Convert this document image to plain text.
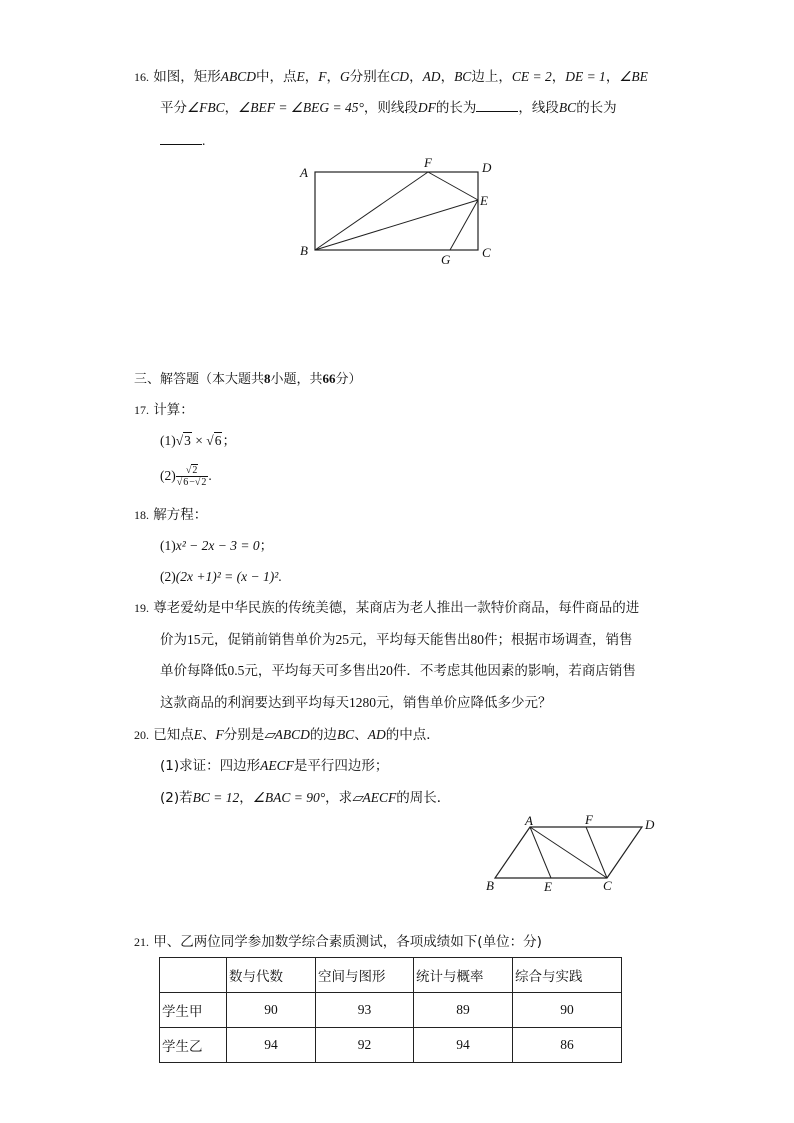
16. 如图，矩形ABCD中，点E，F，G分别在CD，AD，BC边上，CE = 2，DE = 1，∠BE
平分∠FBC，∠BEF = ∠BEG = 45°，则线段DF的长为	，线段BC的长为
.
A
B	C
D
E
F
G
三、解答题（本大题共8小题，共66分）
17. 计算：
(1)√3 × √6；
$(2) \frac{√2}{√6-√2}$ .
18. 解方程：
(1)x² − 2x − 3 = 0；
(2)(2x +1)² = (x − 1)².
19. 尊老爱幼是中华民族的传统美德，某商店为老人推出一款特价商品，每件商品的进
价为15元，促销前销售单价为25元，平均每天能售出80件；根据市场调查，销售
单价每降低0.5元，平均每天可多售出20件．不考虑其他因素的影响，若商店销售
这款商品的利润要达到平均每天1280元，销售单价应降低多少元？
20. 已知点E、F分别是▱ABCD的边BC、AD的中点．
(1)求证：四边形AECF是平行四边形；
(2)若BC = 12，∠BAC = 90°，求▱AECF的周长．
A
B	C
D
E
F
21. 甲、乙两位同学参加数学综合素质测试，各项成绩如下(单位：分)
	数与代数	空间与图形	统计与概率	综合与实践
学生甲	90	93	89	90
学生乙	94	92	94	86
